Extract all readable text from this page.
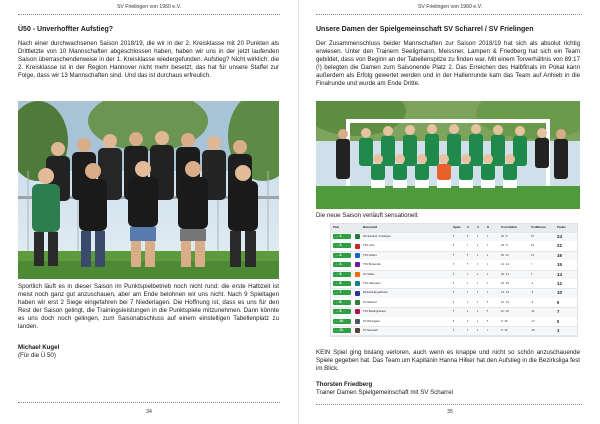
SV Frielingen von 1960 e.V.
Ü50 - Unverhoffter Aufstieg?

Nach einer durchwachsenen Saison 2018/19, die wir in der 2. Kreisklasse mit 20 Punkten als Drittletzte von 10 Mannschaften abgeschlossen haben, haben wir uns in der jetzt laufenden Saison überraschenderweise in der 1. Kreisklasse wiedergefunden. Aufstieg? Nicht wirklich: die 2. Kreisklasse ist in der Region Hannover nicht mehr besetzt; das hat für unsere Staffel zur Folge, dass wir 13 Mannschaften sind. Und das ist durchaus erfreulich.

Sportlich läuft es in dieser Saison im Punktspielbetrieb noch nicht rund: die erste Halbzeit ist meist noch ganz gut anzuschauen, aber am Ende belohnen wir uns nicht. Nach 9 Spieltagen haben wir erst 2 Siege eingefahren bei 7 Niederlagen. Die Hoffnung ist, dass es uns für den Rest der Saison gelingt, die Trainingsleistungen in die Punktspiele mitzunehmen. Dann könnte es uns doch noch gelingen, zum Saisonabschluss auf einem einstelligen Tabellenplatz zu landen.

Michael Kugel
(Für die Ü 50)
34
SV Frielingen von 1960 e.V.
Unsere Damen der Spielgemeinschaft SV Scharrel / SV Frielingen

Der Zusammenschluss beider Mannschaften zur Saison 2018/19 hat sich als absolut richtig erwiesen. Unter den Trainern Seeligmann, Meissner, Lampen & Friedberg hat sich ein Team gebildet, dass von Beginn an der Tabellenspitze zu finden war. Mit einem Torverhältnis von 89:17 (!) belegten die Damen zum Saisonende Platz 2. Das Erreichen des Halbfinals im Pokal kann außerdem als Erfolg gewertet werden und in der Hallenrunde kam das Team auf Anhieb in die Finalrunde und wurde am Ende Dritte.

Die neue Saison verläuft sensationell:

KEIN Spiel ging bislang verloren, auch wenn es knappe und nicht so schön anzuschauende Spiele gegeben hat. Das Team um Kapitänin Hanna Hilker hat den Aufstieg in die Bezirksliga fest im Blick.

Thorsten Friedberg
Trainer Damen Spielgemeinschaft mit SV Scharrel
35
Platz	Mannschaft	Spiele S	U	N	Torverhältnis	Tordifferenz	Punkte
→ 1.	SG Scharrel / Frielingen	8	8	0	0	42 : 5	37	24
→ 2.	TSV Lohe	8	7	1	0	33 : 9	24	22
→ 3.	TSV Goltern	8	5	1	2	25 : 11	14	16
→ 4.	TSV Bemerode	8	5	0	3	21 : 14	7	15
→ 5.	SV Velber	8	4	2	2	18 : 13	5	14
→ 6.	TSV Ottenstein	8	4	0	4	16 : 18	-2	12
→ 7.	Eintracht Engelbostel	8	3	1	4	14 : 19	-5	10
→ 8.	SV Weetzen	8	3	0	5	12 : 21	-9	9
→ 9.	TSV Barsinghausen	8	2	1	5	11 : 22	-11	7
→ 10.	SV Wennigsen	8	1	2	5	9 : 26	-17	5
→ 11.	FC Neustadt	8	0	1	7	5 : 30	-25	1
